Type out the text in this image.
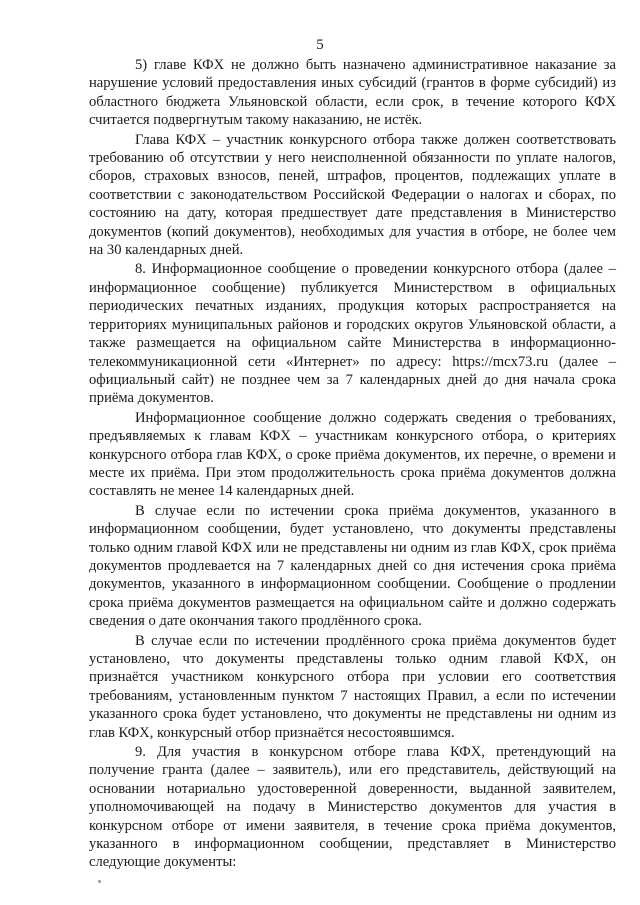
5

5) главе КФХ не должно быть назначено административное наказание за нарушение условий предоставления иных субсидий (грантов в форме субсидий) из областного бюджета Ульяновской области, если срок, в течение которого КФХ считается подвергнутым такому наказанию, не истёк.

Глава КФХ – участник конкурсного отбора также должен соответствовать требованию об отсутствии у него неисполненной обязанности по уплате налогов, сборов, страховых взносов, пеней, штрафов, процентов, подлежащих уплате в соответствии с законодательством Российской Федерации о налогах и сборах, по состоянию на дату, которая предшествует дате представления в Министерство документов (копий документов), необходимых для участия в отборе, не более чем на 30 календарных дней.

8. Информационное сообщение о проведении конкурсного отбора (далее – информационное сообщение) публикуется Министерством в официальных периодических печатных изданиях, продукция которых распространяется на территориях муниципальных районов и городских округов Ульяновской области, а также размещается на официальном сайте Министерства в информационно-телекоммуникационной сети «Интернет» по адресу: https://mcx73.ru (далее – официальный сайт) не позднее чем за 7 календарных дней до дня начала срока приёма документов.

Информационное сообщение должно содержать сведения о требованиях, предъявляемых к главам КФХ – участникам конкурсного отбора, о критериях конкурсного отбора глав КФХ, о сроке приёма документов, их перечне, о времени и месте их приёма. При этом продолжительность срока приёма документов должна составлять не менее 14 календарных дней.

В случае если по истечении срока приёма документов, указанного в информационном сообщении, будет установлено, что документы представлены только одним главой КФХ или не представлены ни одним из глав КФХ, срок приёма документов продлевается на 7 календарных дней со дня истечения срока приёма документов, указанного в информационном сообщении. Сообщение о продлении срока приёма документов размещается на официальном сайте и должно содержать сведения о дате окончания такого продлённого срока.

В случае если по истечении продлённого срока приёма документов будет установлено, что документы представлены только одним главой КФХ, он признаётся участником конкурсного отбора при условии его соответствия требованиям, установленным пунктом 7 настоящих Правил, а если по истечении указанного срока будет установлено, что документы не представлены ни одним из глав КФХ, конкурсный отбор признаётся несостоявшимся.

9. Для участия в конкурсном отборе глава КФХ, претендующий на получение гранта (далее – заявитель), или его представитель, действующий на основании нотариально удостоверенной доверенности, выданной заявителем, уполномочивающей на подачу в Министерство документов для участия в конкурсном отборе от имени заявителя, в течение срока приёма документов, указанного в информационном сообщении, представляет в Министерство следующие документы:
